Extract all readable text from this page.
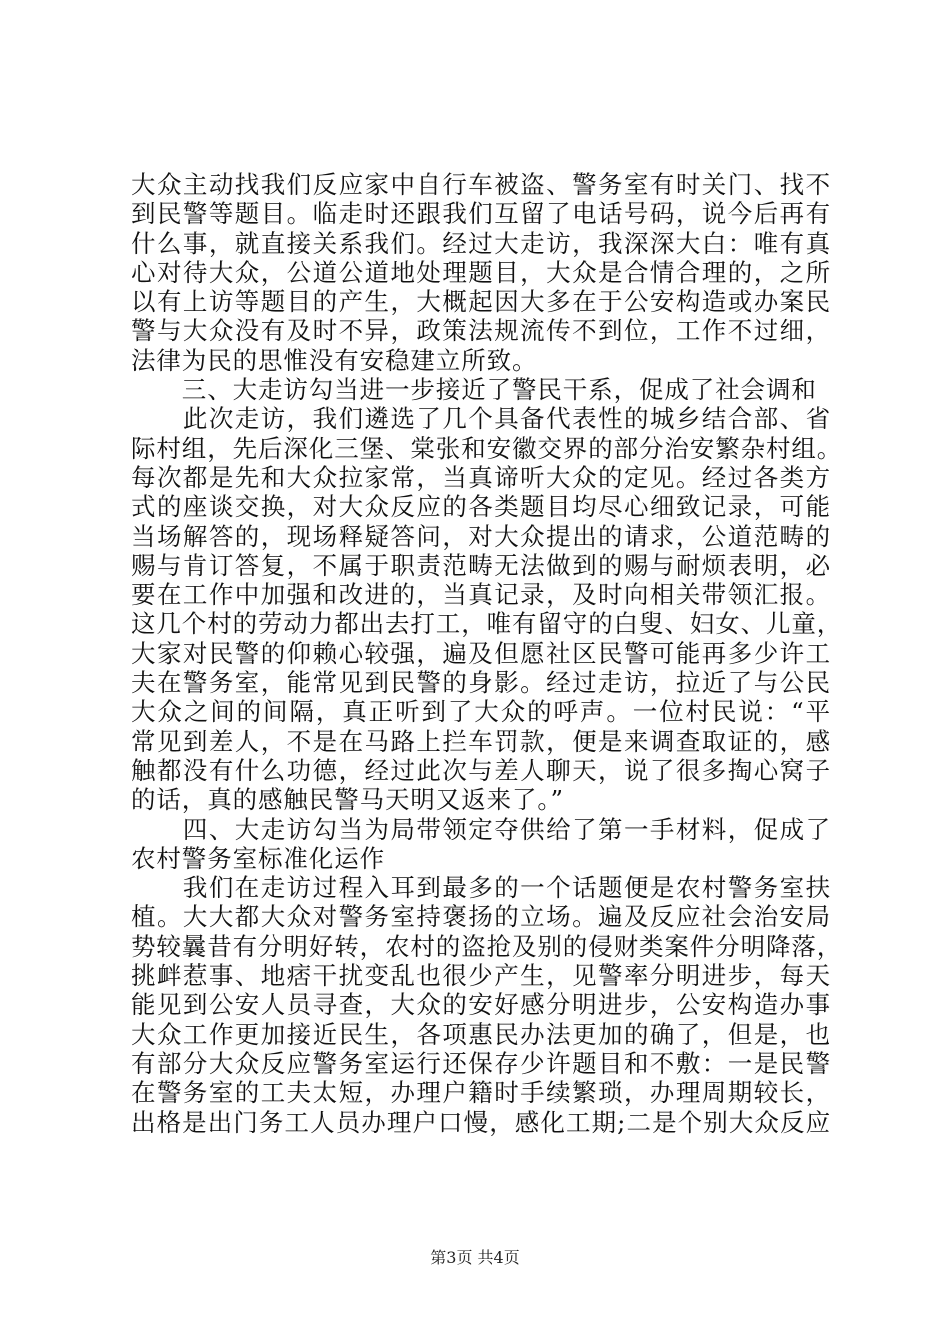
大众主动找我们反应家中自行车被盗、警务室有时关门、找不
到民警等题目。临走时还跟我们互留了电话号码，说今后再有
什么事，就直接关系我们。经过大走访，我深深大白：唯有真
心对待大众，公道公道地处理题目，大众是合情合理的，之所
以有上访等题目的产生，大概起因大多在于公安构造或办案民
警与大众没有及时不异，政策法规流传不到位，工作不过细，
法律为民的思惟没有安稳建立所致。
　　三、大走访勾当进一步接近了警民干系，促成了社会调和
　　此次走访，我们遴选了几个具备代表性的城乡结合部、省
际村组，先后深化三堡、棠张和安徽交界的部分治安繁杂村组。
每次都是先和大众拉家常，当真谛听大众的定见。经过各类方
式的座谈交换，对大众反应的各类题目均尽心细致记录，可能
当场解答的，现场释疑答问，对大众提出的请求，公道范畴的
赐与肯订答复，不属于职责范畴无法做到的赐与耐烦表明，必
要在工作中加强和改进的，当真记录，及时向相关带领汇报。
这几个村的劳动力都出去打工，唯有留守的白叟、妇女、儿童，
大家对民警的仰赖心较强，遍及但愿社区民警可能再多少许工
夫在警务室，能常见到民警的身影。经过走访，拉近了与公民
大众之间的间隔，真正听到了大众的呼声。一位村民说：“平
常见到差人，不是在马路上拦车罚款，便是来调查取证的，感
触都没有什么功德，经过此次与差人聊天，说了很多掏心窝子
的话，真的感触民警马天明又返来了。”
　　四、大走访勾当为局带领定夺供给了第一手材料，促成了
农村警务室标准化运作
　　我们在走访过程入耳到最多的一个话题便是农村警务室扶
植。大大都大众对警务室持褒扬的立场。遍及反应社会治安局
势较曩昔有分明好转，农村的盗抢及别的侵财类案件分明降落，
挑衅惹事、地痞干扰变乱也很少产生，见警率分明进步，每天
能见到公安人员寻查，大众的安好感分明进步，公安构造办事
大众工作更加接近民生，各项惠民办法更加的确了，但是，也
有部分大众反应警务室运行还保存少许题目和不敷：一是民警
在警务室的工夫太短，办理户籍时手续繁琐，办理周期较长，
出格是出门务工人员办理户口慢，感化工期;二是个别大众反应
第3页 共4页
